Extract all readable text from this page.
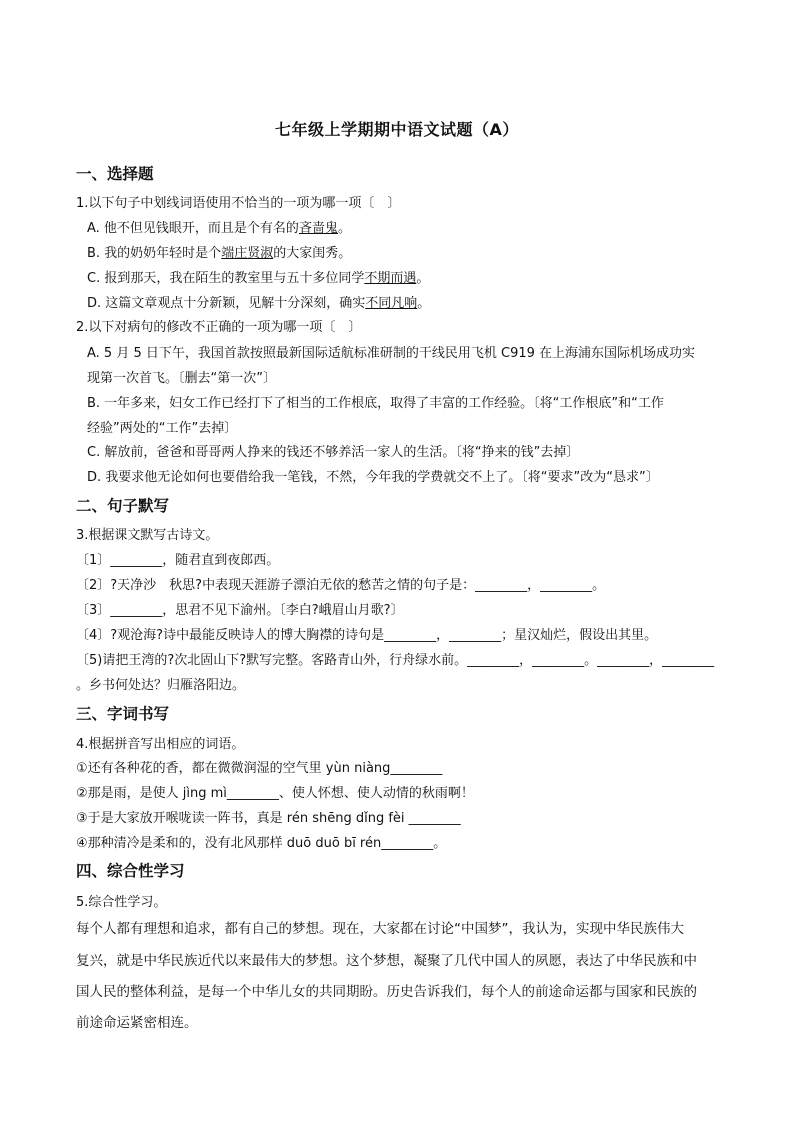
七年级上学期期中语文试题（A）
一、选择题
1.以下句子中划线词语使用不恰当的一项为哪一项〔　〕
A. 他不但见钱眼开，而且是个有名的吝啬鬼。
B. 我的奶奶年轻时是个端庄贤淑的大家闺秀。
C. 报到那天，我在陌生的教室里与五十多位同学不期而遇。
D. 这篇文章观点十分新颖，见解十分深刻，确实不同凡响。
2.以下对病句的修改不正确的一项为哪一项〔　〕
A. 5 月 5 日下午，我国首款按照最新国际适航标准研制的干线民用飞机 C919 在上海浦东国际机场成功实
现第一次首飞。〔删去“第一次”〕
B. 一年多来，妇女工作已经打下了相当的工作根底，取得了丰富的工作经验。〔将“工作根底”和“工作
经验”两处的“工作”去掉〕
C. 解放前，爸爸和哥哥两人挣来的钱还不够养活一家人的生活。〔将“挣来的钱”去掉〕
D. 我要求他无论如何也要借给我一笔钱，不然，今年我的学费就交不上了。〔将“要求”改为“恳求”〕
二、句子默写
3.根据课文默写古诗文。
〔1〕________，随君直到夜郎西。
〔2〕?天净沙　秋思?中表现天涯游子漂泊无依的愁苦之情的句子是：________，________。
〔3〕________，思君不见下渝州。〔李白?峨眉山月歌?〕
〔4〕?观沧海?诗中最能反映诗人的博大胸襟的诗句是________，________；星汉灿烂，假设出其里。
〔5)请把王湾的?次北固山下?默写完整。客路青山外，行舟绿水前。________，________。________，________
。乡书何处达？归雁洛阳边。
三、字词书写
4.根据拼音写出相应的词语。
①还有各种花的香，都在微微润湿的空气里 yùn niàng________
②那是雨，是使人 jìng mì________、使人怀想、使人动情的秋雨啊！
③于是大家放开喉咙读一阵书，真是 rén shēng dǐng fèi ________
④那种清冷是柔和的，没有北风那样 duō duō bī rén________。
四、综合性学习
5.综合性学习。
每个人都有理想和追求，都有自己的梦想。现在，大家都在讨论“中国梦”，我认为，实现中华民族伟大
复兴，就是中华民族近代以来最伟大的梦想。这个梦想，凝聚了几代中国人的夙愿，表达了中华民族和中
国人民的整体利益，是每一个中华儿女的共同期盼。历史告诉我们，每个人的前途命运都与国家和民族的
前途命运紧密相连。
